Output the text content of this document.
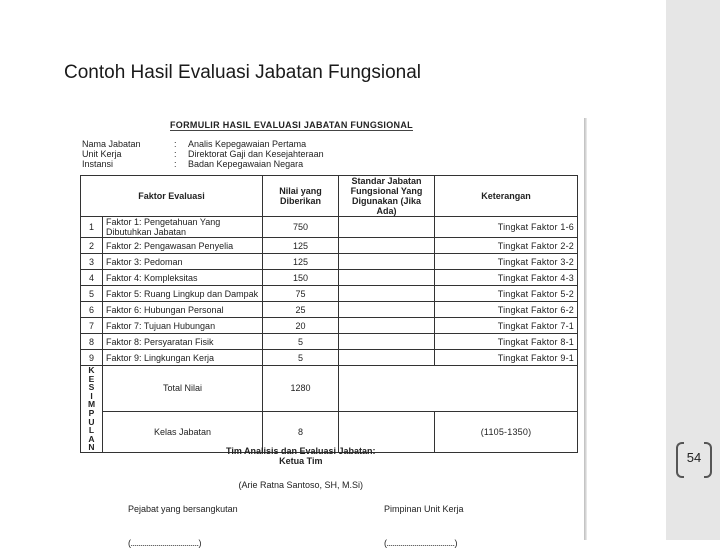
Contoh Hasil Evaluasi Jabatan Fungsional
FORMULIR HASIL EVALUASI JABATAN FUNGSIONAL
Nama Jabatan	:	Analis Kepegawaian Pertama
Unit Kerja	:	Direktorat Gaji dan Kesejahteraan
Instansi	:	Badan Kepegawaian Negara
Faktor Evaluasi		Nilai yang Diberikan	Standar Jabatan Fungsional Yang Digunakan (Jika Ada)	Keterangan
1	Faktor 1: Pengetahuan Yang Dibutuhkan Jabatan	750		Tingkat Faktor 1-6
2	Faktor 2: Pengawasan Penyelia	125		Tingkat Faktor 2-2
3	Faktor 3: Pedoman	125		Tingkat Faktor 3-2
4	Faktor 4: Kompleksitas	150		Tingkat Faktor 4-3
5	Faktor 5: Ruang Lingkup dan Dampak	75		Tingkat Faktor 5-2
6	Faktor 6: Hubungan Personal	25		Tingkat Faktor 6-2
7	Faktor 7: Tujuan Hubungan	20		Tingkat Faktor 7-1
8	Faktor 8: Persyaratan Fisik	5		Tingkat Faktor 8-1
9	Faktor 9: Lingkungan Kerja	5		Tingkat Faktor 9-1

KESIMPULAN	Total Nilai	1280		
	Kelas Jabatan	8		(1105-1350)
Tim Analisis dan Evaluasi Jabatan:
Ketua Tim
(Arie Ratna Santoso, SH, M.Si)
Pejabat yang bersangkutan
(..................................)
Pimpinan Unit Kerja
(..................................)
54
